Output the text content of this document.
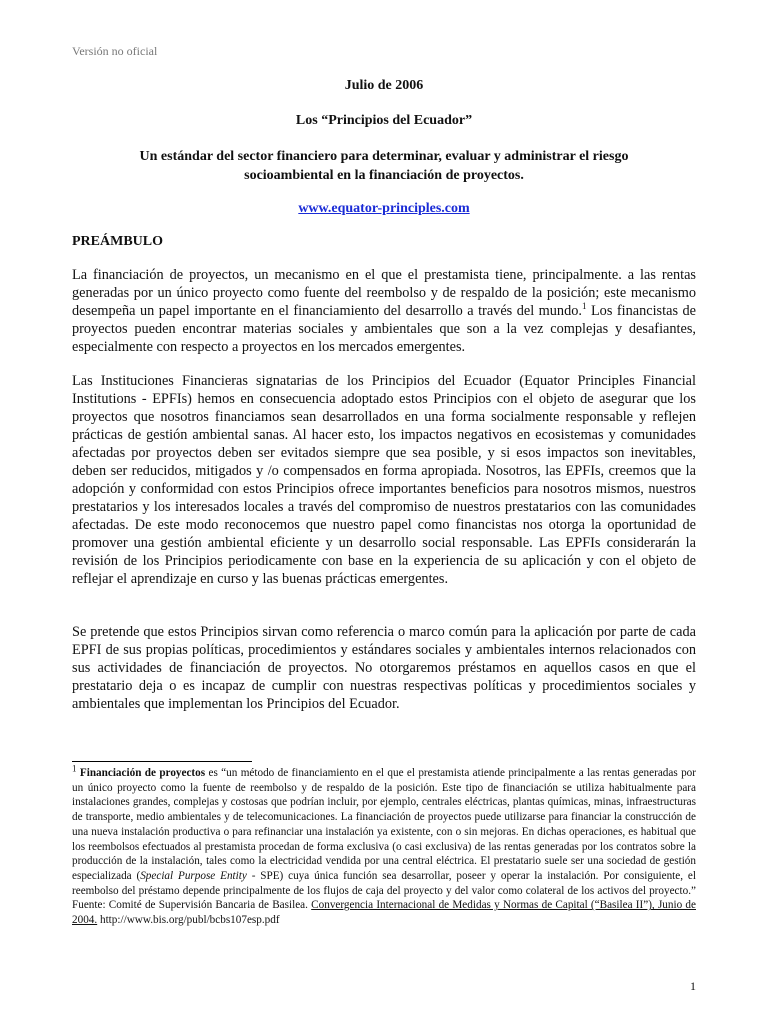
Versión no oficial
Julio de 2006
Los “Principios del Ecuador”
Un estándar del sector financiero para determinar, evaluar y administrar el riesgo
socioambiental en la financiación de proyectos.
www.equator-principles.com
PREÁMBULO

La financiación de proyectos, un mecanismo en el que el prestamista tiene, principalmente. a las rentas generadas por un único proyecto como fuente del reembolso y de respaldo de la posición; este mecanismo desempeña un papel importante en el financiamiento del desarrollo a través del mundo.$^1$ Los financistas de proyectos pueden encontrar materias sociales y ambientales que son a la vez complejas y desafiantes, especialmente con respecto a proyectos en los mercados emergentes.

Las Instituciones Financieras signatarias de los Principios del Ecuador (Equator Principles Financial Institutions - EPFIs) hemos en consecuencia adoptado estos Principios con el objeto de asegurar que los proyectos que nosotros financiamos sean desarrollados en una forma socialmente responsable y reflejen prácticas de gestión ambiental sanas. Al hacer esto, los impactos negativos en ecosistemas y comunidades afectadas por proyectos deben ser evitados siempre que sea posible, y si esos impactos son inevitables, deben ser reducidos, mitigados y /o compensados en forma apropiada. Nosotros, las EPFIs, creemos que la adopción y conformidad con estos Principios ofrece importantes beneficios para nosotros mismos, nuestros prestatarios y los interesados locales a través del compromiso de nuestros prestatarios con las comunidades afectadas. De este modo reconocemos que nuestro papel como financistas nos otorga la oportunidad de promover una gestión ambiental eficiente y un desarrollo social responsable. Las EPFIs considerarán la revisión de los Principios periodicamente con base en la experiencia de su aplicación y con el objeto de reflejar el aprendizaje en curso y las buenas prácticas emergentes.

Se pretende que estos Principios sirvan como referencia o marco común para la aplicación por parte de cada EPFI de sus propias políticas, procedimientos y estándares sociales y ambientales internos relacionados con sus actividades de financiación de proyectos. No otorgaremos préstamos en aquellos casos en que el prestatario deja o es incapaz de cumplir con nuestras respectivas políticas y procedimientos sociales y ambientales que implementan los Principios del Ecuador.

$^1$ Financiación de proyectos es “un método de financiamiento en el que el prestamista atiende principalmente a las rentas generadas por un único proyecto como la fuente de reembolso y de respaldo de la posición. Este tipo de financiación se utiliza habitualmente para instalaciones grandes, complejas y costosas que podrían incluir, por ejemplo, centrales eléctricas, plantas químicas, minas, infraestructuras de transporte, medio ambientales y de telecomunicaciones. La financiación de proyectos puede utilizarse para financiar la construcción de una nueva instalación productiva o para refinanciar una instalación ya existente, con o sin mejoras. En dichas operaciones, es habitual que los reembolsos efectuados al prestamista procedan de forma exclusiva (o casi exclusiva) de las rentas generadas por los contratos sobre la producción de la instalación, tales como la electricidad vendida por una central eléctrica. El prestatario suele ser una sociedad de gestión especializada (Special Purpose Entity - SPE) cuya única función sea desarrollar, poseer y operar la instalación. Por consiguiente, el reembolso del préstamo depende principalmente de los flujos de caja del proyecto y del valor como colateral de los activos del proyecto.” Fuente: Comité de Supervisión Bancaria de Basilea. Convergencia Internacional de Medidas y Normas de Capital (“Basilea II”), Junio de 2004. http://www.bis.org/publ/bcbs107esp.pdf

1
